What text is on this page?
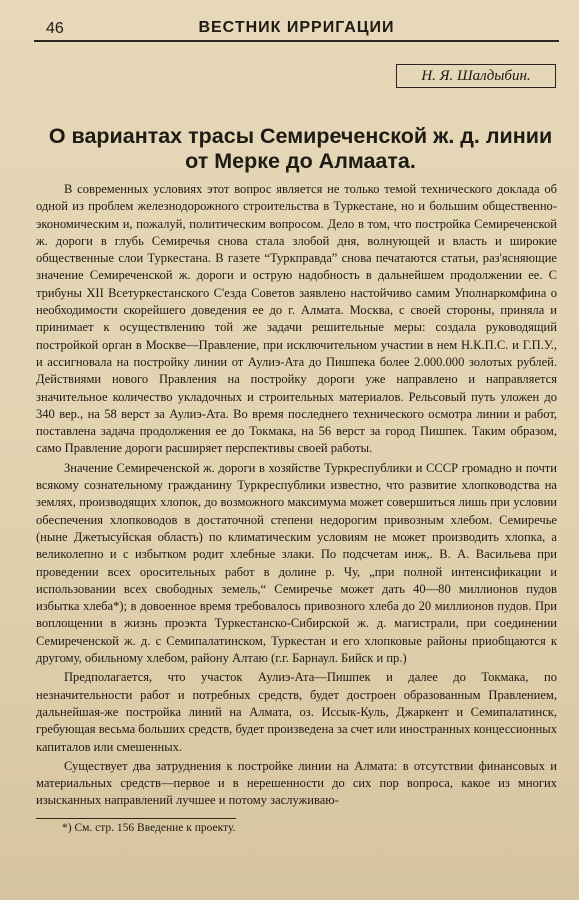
46	ВЕСТНИК ИРРИГАЦИИ
Н. Я. Шалдыбин.
О вариантах трасы Семиреченской ж. д. линии
от Мерке до Алмаата.

В современных условиях этот вопрос является не только темой технического доклада об одной из проблем железнодорожного строительства в Туркестане, но и большим общественно-экономическим и, пожалуй, политическим вопросом. Дело в том, что постройка Семиреченской ж. дороги в глубь Семиречья снова стала злобой дня, волнующей и власть и широкие общественные слои Туркестана. В газете “Туркправда” снова печатаются статьи, раз'ясняющие значение Семиреченской ж. дороги и острую надобность в дальнейшем продолжении ее. С трибуны XII Всетуркестанского С'езда Советов заявлено настойчиво самим Уполнаркомфина о необходимости скорейшего доведения ее до г. Алмата. Москва, с своей стороны, приняла и принимает к осуществлению той же задачи решительные меры: создала руководящий постройкой орган в Москве—Правление, при исключительном участии в нем Н.К.П.С. и Г.П.У., и ассигновала на постройку линии от Аулиэ-Ата до Пишпека более 2.000.000 золотых рублей. Действиями нового Правления на постройку дороги уже направлено и направляется значительное количество укладочных и строительных материалов. Рельсовый путь уложен до 340 вер., на 58 верст за Аулиэ-Ата. Во время последнего технического осмотра линии и работ, поставлена задача продолжения ее до Токмака, на 56 верст за город Пишпек. Таким образом, само Правление дороги расширяет перспективы своей работы.

Значение Семиреченской ж. дороги в хозяйстве Туркреспублики и СССР громадно и почти всякому сознательному гражданину Туркреспублики известно, что развитие хлопководства на землях, производящих хлопок, до возможного максимума может совершиться лишь при условии обеспечения хлопководов в достаточной степени недорогим привозным хлебом. Семиречье (ныне Джетысуйская область) по климатическим условиям не может производить хлопка, а великолепно и с избытком родит хлебные злаки. По подсчетам инж,. В. А. Васильева при проведении всех оросительных работ в долине р. Чу, „при полной интенсификации и использовании всех свободных земель,“ Семиречье может дать 40—80 миллионов пудов избытка хлеба*); в довоенное время требовалось привозного хлеба до 20 миллионов пудов. При воплощении в жизнь проэкта Туркестанско-Сибирской ж. д. магистрали, при соединении Семиреченской ж. д. с Семипалатинском, Туркестан и его хлопковые районы приобщаются к другому, обильному хлебом, району Алтаю (г.г. Барнаул. Бийск и пр.)

Предполагается, что участок Аулиэ-Ата—Пишпек и далее до Токмака, по незначительности работ и потребных средств, будет достроен образованным Правлением, дальнейшая-же постройка линий на Алмата, оз. Иссык-Куль, Джаркент и Семипалатинск, гребующая весьма больших средств, будет произведена за счет или иностранных концессионных капиталов или смешенных.

Существует два затруднения к постройке линии на Алмата: в отсутствии финансовых и материальных средств—первое и в нерешенности до сих пор вопроса, какое из многих изысканных направлений лучшее и потому заслуживаю-

*) См. стр. 156 Введение к проекту.
